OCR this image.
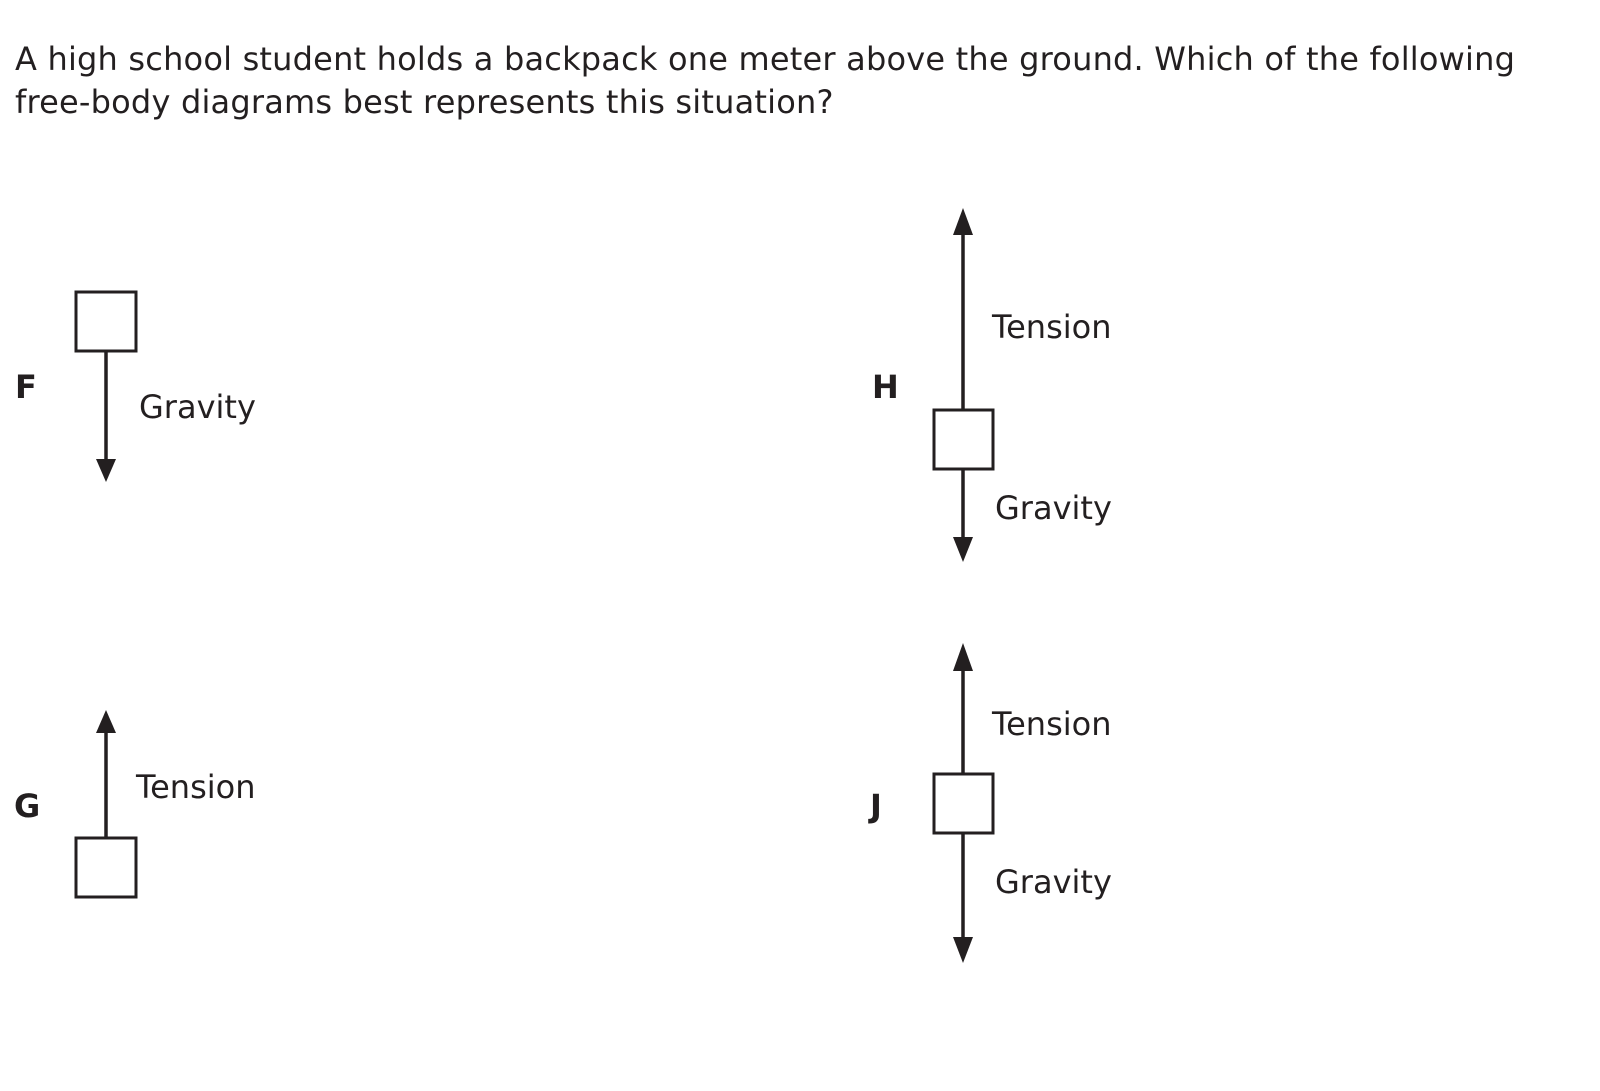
A high school student holds a backpack one meter above the ground. Which of the following free-body diagrams best represents this situation?

F
Gravity
G	Tension
H
Tension
Gravity
J
Tension
Gravity
